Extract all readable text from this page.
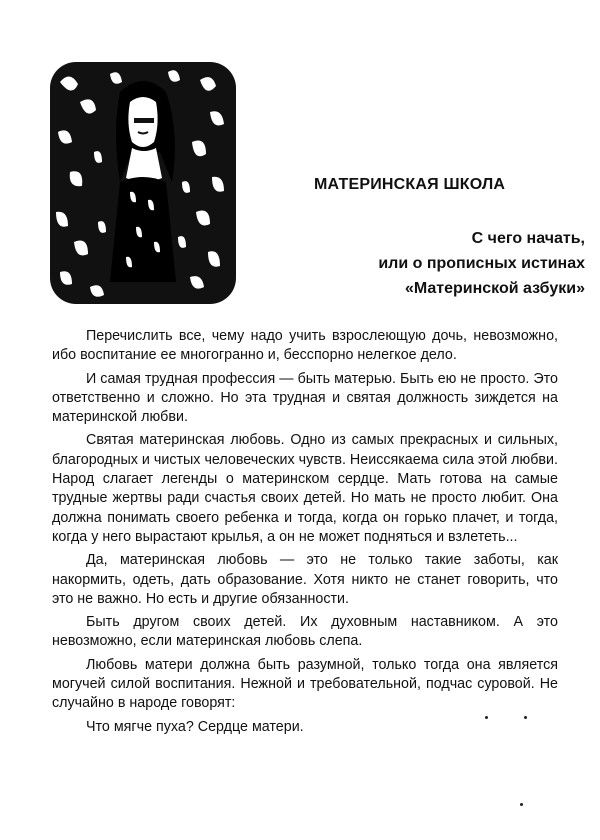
МАТЕРИНСКАЯ ШКОЛА
С чего начать,
или о прописных истинах
«Материнской азбуки»

Перечислить все, чему надо учить взрослеющую дочь, невозможно, ибо воспитание ее многогранно и, бесспорно нелегкое дело.

И самая трудная профессия — быть матерью. Быть ею не просто. Это ответственно и сложно. Но эта трудная и святая должность зиждется на материнской любви.

Святая материнская любовь. Одно из самых прекрасных и сильных, благородных и чистых человеческих чувств. Неиссякаема сила этой любви. Народ слагает легенды о материнском сердце. Мать готова на самые трудные жертвы ради счастья своих детей. Но мать не просто любит. Она должна понимать своего ребенка и тогда, когда он горько плачет, и тогда, когда у него вырастают крылья, а он не может подняться и взлететь...

Да, материнская любовь — это не только такие заботы, как накормить, одеть, дать образование. Хотя никто не станет говорить, что это не важно. Но есть и другие обязанности.

Быть другом своих детей. Их духовным наставником. А это невозможно, если материнская любовь слепа.

Любовь матери должна быть разумной, только тогда она является могучей силой воспитания. Нежной и требовательной, подчас суровой. Не случайно в народе говорят:

Что мягче пуха? Сердце матери.
